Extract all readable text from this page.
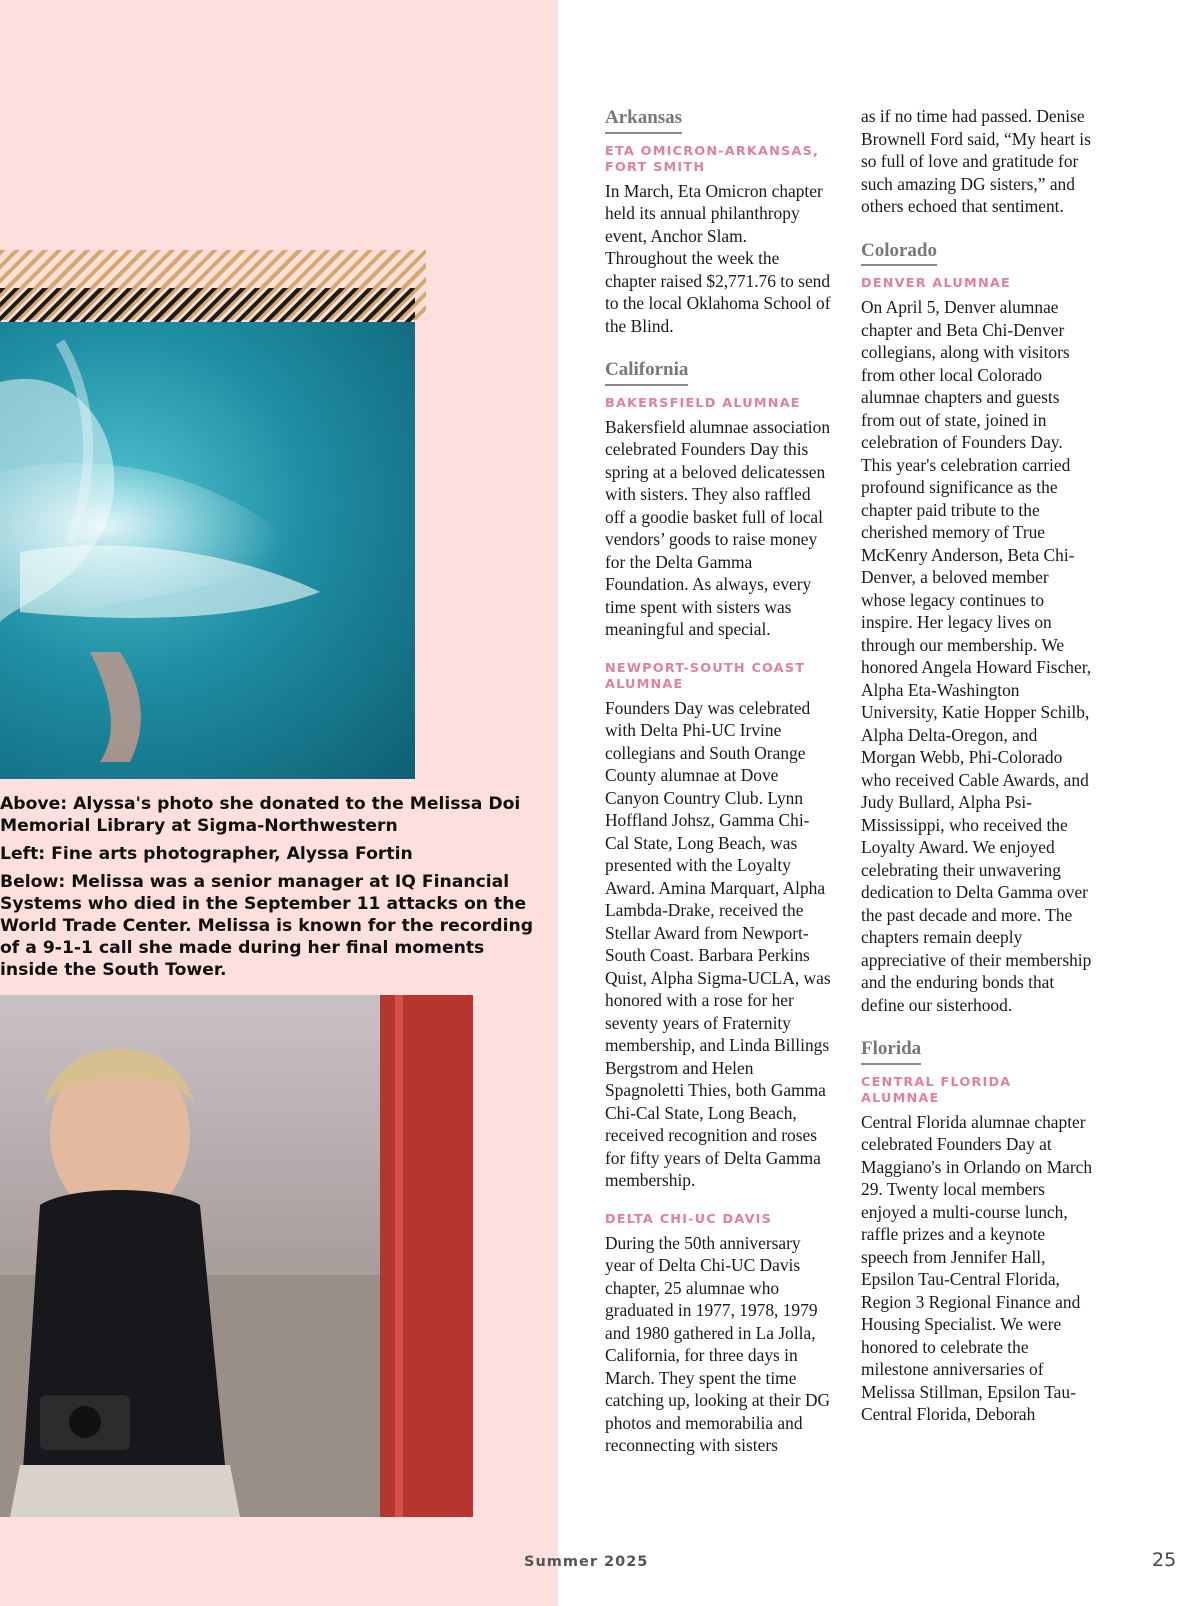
Above: Alyssa's photo she donated to the Melissa Doi Memorial Library at Sigma-Northwestern

Left: Fine arts photographer, Alyssa Fortin

Below: Melissa was a senior manager at IQ Financial Systems who died in the September 11 attacks on the World Trade Center. Melissa is known for the recording of a 9-1-1 call she made during her final moments inside the South Tower.

Arkansas
ETA OMICRON-ARKANSAS, FORT SMITH

In March, Eta Omicron chapter held its annual philanthropy event, Anchor Slam. Throughout the week the chapter raised $2,771.76 to send to the local Oklahoma School of the Blind.

California
BAKERSFIELD ALUMNAE

Bakersfield alumnae association celebrated Founders Day this spring at a beloved delicatessen with sisters. They also raffled off a goodie basket full of local vendors’ goods to raise money for the Delta Gamma Foundation. As always, every time spent with sisters was meaningful and special.

NEWPORT-SOUTH COAST ALUMNAE

Founders Day was celebrated with Delta Phi-UC Irvine collegians and South Orange County alumnae at Dove Canyon Country Club. Lynn Hoffland Johsz, Gamma Chi-Cal State, Long Beach, was presented with the Loyalty Award. Amina Marquart, Alpha Lambda-Drake, received the Stellar Award from Newport-South Coast. Barbara Perkins Quist, Alpha Sigma-UCLA, was honored with a rose for her seventy years of Fraternity membership, and Linda Billings Bergstrom and Helen Spagnoletti Thies, both Gamma Chi-Cal State, Long Beach, received recognition and roses for fifty years of Delta Gamma membership.

DELTA CHI-UC DAVIS

During the 50th anniversary year of Delta Chi-UC Davis chapter, 25 alumnae who graduated in 1977, 1978, 1979 and 1980 gathered in La Jolla, California, for three days in March. They spent the time catching up, looking at their DG photos and memorabilia and reconnecting with sisters

as if no time had passed. Denise Brownell Ford said, “My heart is so full of love and gratitude for such amazing DG sisters,” and others echoed that sentiment.

Colorado
DENVER ALUMNAE

On April 5, Denver alumnae chapter and Beta Chi-Denver collegians, along with visitors from other local Colorado alumnae chapters and guests from out of state, joined in celebration of Founders Day. This year's celebration carried profound significance as the chapter paid tribute to the cherished memory of True McKenry Anderson, Beta Chi-Denver, a beloved member whose legacy continues to inspire. Her legacy lives on through our membership. We honored Angela Howard Fischer, Alpha Eta-Washington University, Katie Hopper Schilb, Alpha Delta-Oregon, and Morgan Webb, Phi-Colorado who received Cable Awards, and Judy Bullard, Alpha Psi-Mississippi, who received the Loyalty Award. We enjoyed celebrating their unwavering dedication to Delta Gamma over the past decade and more. The chapters remain deeply appreciative of their membership and the enduring bonds that define our sisterhood.

Florida
CENTRAL FLORIDA ALUMNAE

Central Florida alumnae chapter celebrated Founders Day at Maggiano's in Orlando on March 29. Twenty local members enjoyed a multi-course lunch, raffle prizes and a keynote speech from Jennifer Hall, Epsilon Tau-Central Florida, Region 3 Regional Finance and Housing Specialist. We were honored to celebrate the milestone anniversaries of Melissa Stillman, Epsilon Tau-Central Florida, Deborah

Summer 2025	25
